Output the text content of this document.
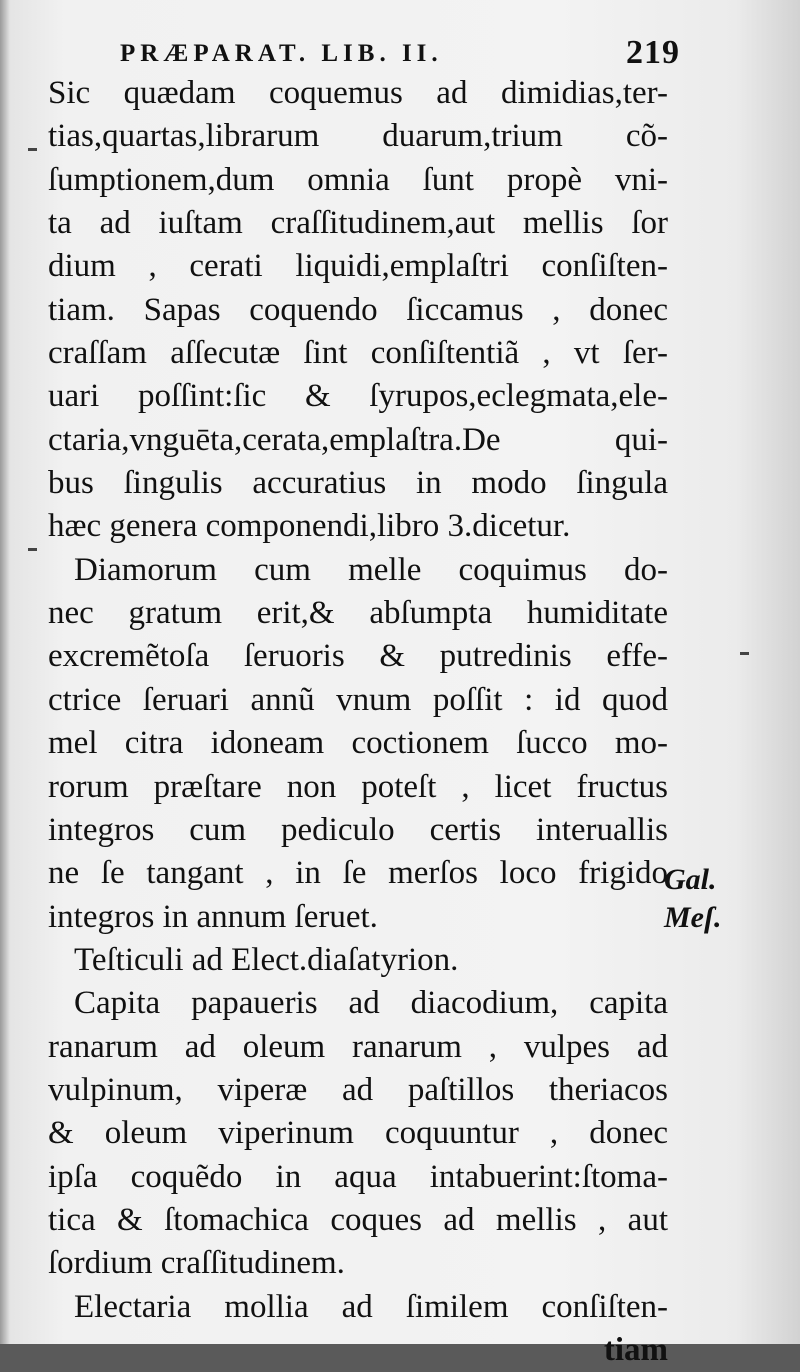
PRÆPARAT. LIB. II.	219
Sic quædam coquemus ad dimidias,ter-
tias,quartas,librarum duarum,trium cõ-
ſumptionem,dum omnia ſunt propè vni-
ta ad iuſtam craſſitudinem,aut mellis ſor
dium , cerati liquidi,emplaſtri conſiſten-
tiam. Sapas coquendo ſiccamus , donec
craſſam aſſecutæ ſint conſiſtentiã , vt ſer-
uari poſſint:ſic & ſyrupos,eclegmata,ele-
ctaria,vnguēta,cerata,emplaſtra.De qui-
bus ſingulis accuratius in modo ſingula
hæc genera componendi,libro 3.dicetur.
Diamorum cum melle coquimus do-
nec gratum erit,& abſumpta humiditate
excremẽtoſa ſeruoris & putredinis effe-
ctrice ſeruari annũ vnum poſſit : id quod
mel citra idoneam coctionem ſucco mo-
rorum præſtare non poteſt , licet fructus
integros cum pediculo certis interuallis
ne ſe tangant , in ſe merſos loco frigido
integros in annum ſeruet.
Teſticuli ad Elect.diaſatyrion.
Capita papaueris ad diacodium, capita
ranarum ad oleum ranarum , vulpes ad
vulpinum, viperæ ad paſtillos theriacos
& oleum viperinum coquuntur , donec
ipſa coquẽdo in aqua intabuerint:ſtoma-
tica & ſtomachica coques ad mellis , aut
ſordium craſſitudinem.
Electaria mollia ad ſimilem conſiſten-
tiam
Gal.
Meſ.
